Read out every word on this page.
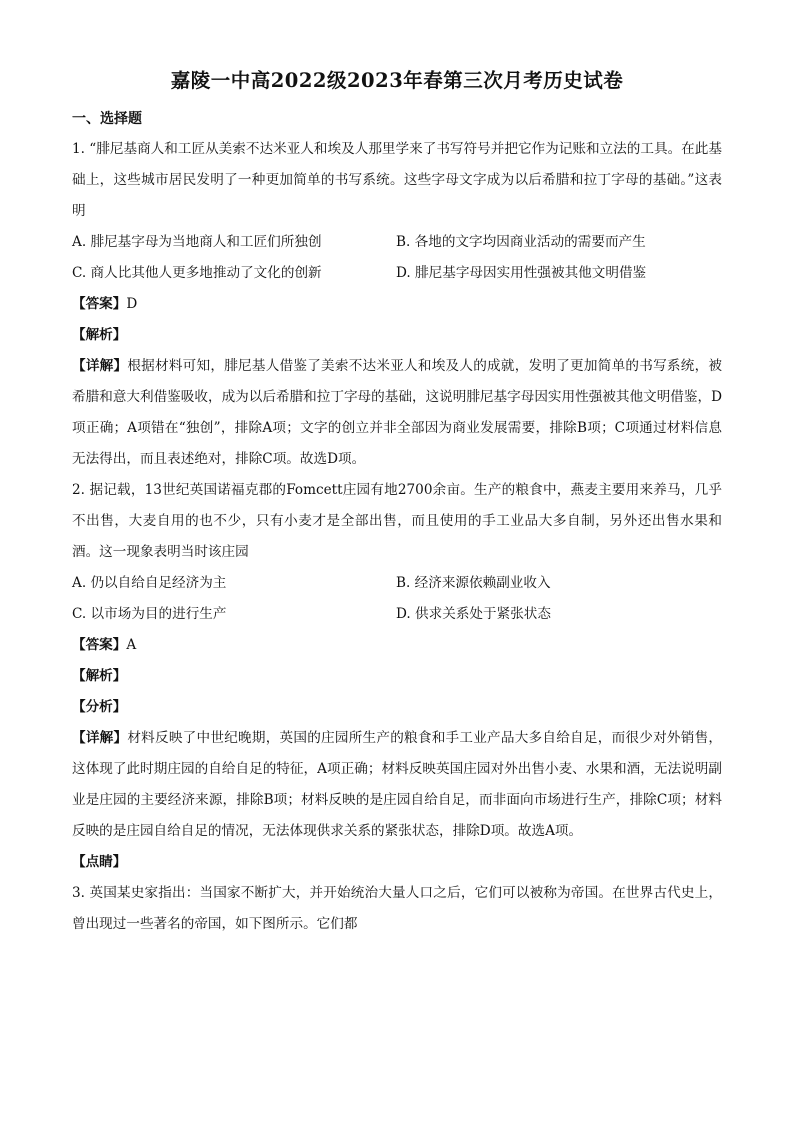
嘉陵一中高2022级2023年春第三次月考历史试卷
一、选择题

1. “腓尼基商人和工匠从美索不达米亚人和埃及人那里学来了书写符号并把它作为记账和立法的工具。在此基础上，这些城市居民发明了一种更加简单的书写系统。这些字母文字成为以后希腊和拉丁字母的基础。”这表明

A. 腓尼基字母为当地商人和工匠们所独创	B. 各地的文字均因商业活动的需要而产生
C. 商人比其他人更多地推动了文化的创新	D. 腓尼基字母因实用性强被其他文明借鉴

【答案】D

【解析】

【详解】根据材料可知，腓尼基人借鉴了美索不达米亚人和埃及人的成就，发明了更加简单的书写系统，被希腊和意大利借鉴吸收，成为以后希腊和拉丁字母的基础，这说明腓尼基字母因实用性强被其他文明借鉴，D项正确；A项错在“独创”，排除A项；文字的创立并非全部因为商业发展需要，排除B项；C项通过材料信息无法得出，而且表述绝对，排除C项。故选D项。

2. 据记载，13世纪英国诺福克郡的Fomcett庄园有地2700余亩。生产的粮食中，燕麦主要用来养马，几乎不出售，大麦自用的也不少，只有小麦才是全部出售，而且使用的手工业品大多自制，另外还出售水果和酒。这一现象表明当时该庄园

A. 仍以自给自足经济为主	B. 经济来源依赖副业收入
C. 以市场为目的进行生产	D. 供求关系处于紧张状态

【答案】A

【解析】

【分析】

【详解】材料反映了中世纪晚期，英国的庄园所生产的粮食和手工业产品大多自给自足，而很少对外销售，这体现了此时期庄园的自给自足的特征，A项正确；材料反映英国庄园对外出售小麦、水果和酒，无法说明副业是庄园的主要经济来源，排除B项；材料反映的是庄园自给自足，而非面向市场进行生产，排除C项；材料反映的是庄园自给自足的情况，无法体现供求关系的紧张状态，排除D项。故选A项。

【点睛】

3. 英国某史家指出：当国家不断扩大，并开始统治大量人口之后，它们可以被称为帝国。在世界古代史上，曾出现过一些著名的帝国，如下图所示。它们都
